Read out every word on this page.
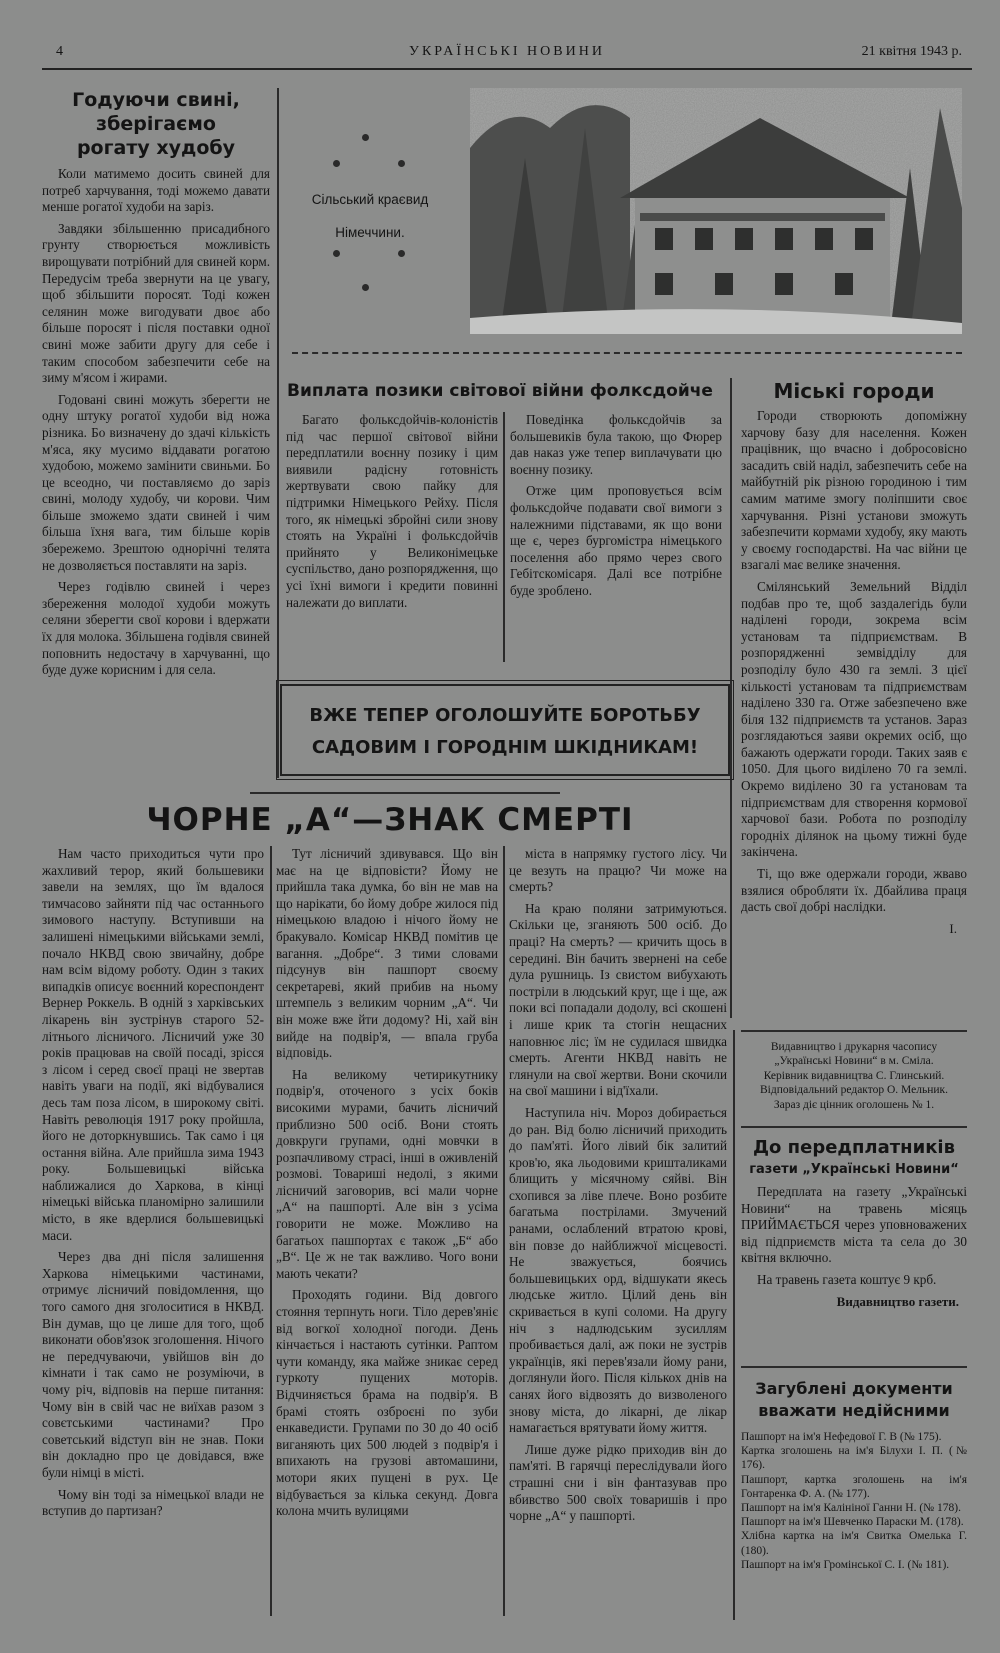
4	УКРАЇНСЬКІ НОВИНИ	21 квітня 1943 р.
Годуючи свині, зберігаємо
рогату худобу

Коли матимемо досить свиней для потреб харчування, тоді можемо давати менше рогатої худоби на заріз.

Завдяки збільшенню присадибного грунту створюється можливість вирощувати потрібний для свиней корм. Передусім треба звернути на це увагу, щоб збільшити поросят. Тоді кожен селянин може вигодувати двоє або більше поросят і після поставки одної свині може забити другу для себе і таким способом забезпечити себе на зиму м'ясом і жирами.

Годовані свині можуть зберегти не одну штуку рогатої худоби від ножа різника. Бо визначену до здачі кількість м'яса, яку мусимо віддавати рогатою худобою, можемо замінити свиньми. Бо це всеодно, чи поставляємо до заріз свині, молоду худобу, чи корови. Чим більше зможемо здати свиней і чим більша їхня вага, тим більше корів збережемо. Зрештою однорічні телята не дозволяється поставляти на заріз.

Через годівлю свиней і через збереження молодої худоби можуть селяни зберегти свої корови і вдержати їх для молока. Збільшена годівля свиней поповнить недостачу в харчуванні, що буде дуже корисним і для села.

Сільський краєвид
Німеччини.
Виплата позики світової війни фолксдойче

Багато фольксдойчів-колоністів під час першої світової війни передплатили воєнну позику і цим виявили радісну готовність жертвувати свою пайку для підтримки Німецького Рейху. Після того, як німецькі збройні сили знову стоять на Україні і фольксдойчів прийнято у Великонімецьке суспільство, дано розпорядження, що усі їхні вимоги і кредити повинні належати до виплати.

Поведінка фольксдойчів за большевиків була такою, що Фюрер дав наказ уже тепер виплачувати цю воєнну позику.

Отже цим проповується всім фольксдойче подавати свої вимоги з належними підставами, як що вони ще є, через бургомістра німецького поселення або прямо через свого Гебітскомісаря. Далі все потрібне буде зроблено.

ВЖЕ ТЕПЕР ОГОЛОШУЙТЕ БОРОТЬБУ
САДОВИМ І ГОРОДНІМ ШКІДНИКАМ!
Міські городи

Городи створюють допоміжну харчову базу для населення. Кожен працівник, що вчасно і добросовісно засадить свій наділ, забезпечить себе на майбутній рік різною городиною і тим самим матиме змогу поліпшити своє харчування. Різні установи зможуть забезпечити кормами худобу, яку мають у своєму господарстві. На час війни це взагалі має велике значення.

Смілянський Земельний Відділ подбав про те, щоб заздалегідь були наділені городи, зокрема всім установам та підприємствам. В розпорядженні земвідділу для розподілу було 430 га землі. З цієї кількості установам та підприємствам наділено 330 га. Отже забезпечено вже біля 132 підприємств та установ. Зараз розглядаються заяви окремих осіб, що бажають одержати городи. Таких заяв є 1050. Для цього виділено 70 га землі. Окремо виділено 30 га установам та підприємствам для створення кормової харчової бази. Робота по розподілу городніх ділянок на цьому тижні буде закінчена.

Ті, що вже одержали городи, жваво взялися обробляти їх. Дбайлива праця дасть свої добрі наслідки.

І.
Видавництво і друкарня часопису „Українські Новини“ в м. Сміла.
Керівник видавництва С. Глинський.
Відповідальний редактор О. Мельник.
Зараз діє цінник оголошень № 1.
До передплатників
газети „Українські Новини“

Передплата на газету „Українські Новини“ на травень місяць ПРИЙМАЄТЬСЯ через уповноважених від підприємств міста та села до 30 квітня включно.

На травень газета коштує 9 крб.

Видавництво газети.
Загублені документи
вважати недійсними
Пашпорт на ім'я Нефедової Г. В (№ 175).
Картка зголошень на ім'я Білухи І. П. (№ 176).
Пашпорт, картка зголошень на ім'я Гонтаренка Ф. А. (№ 177).
Пашпорт на ім'я Калініної Ганни Н. (№ 178).
Пашпорт на ім'я Шевченко Параски М. (178).
Хлібна картка на ім'я Свитка Омелька Г. (180).
Пашпорт на ім'я Громінської С. І. (№ 181).
ЧОРНЕ „А“—ЗНАК СМЕРТІ

Нам часто приходиться чути про жахливий терор, який большевики завели на землях, що їм вдалося тимчасово зайняти під час останнього зимового наступу. Вступивши на залишені німецькими військами землі, почало НКВД свою звичайну, добре нам всім відому роботу. Один з таких випадків описує воєнний кореспондент Вернер Роккель. В одній з харківських лікарень він зустрінув старого 52-літнього лісничого. Лісничий уже 30 років працював на своїй посаді, зрісся з лісом і серед своєї праці не звертав навіть уваги на події, які відбувалися десь там поза лісом, в широкому світі. Навіть революція 1917 року пройшла, його не доторкнувшись. Так само і ця остання війна. Але прийшла зима 1943 року. Большевицькі війська наближалися до Харкова, в кінці німецькі війська планомірно залишили місто, в яке вдерлися большевицькі маси.

Через два дні після залишення Харкова німецькими частинами, отримує лісничий повідомлення, що того самого дня зголоситися в НКВД. Він думав, що це лише для того, щоб виконати обов'язок зголошення. Нічого не передчуваючи, увійшов він до кімнати і так само не розуміючи, в чому річ, відповів на перше питання: Чому він в свій час не виїхав разом з совєтськими частинами? Про советський відступ він не знав. Поки він докладно про це довідався, вже були німці в місті.

Чому він тоді за німецької влади не вступив до партизан?

Тут лісничий здивувався. Що він має на це відповісти? Йому не прийшла така думка, бо він не мав на що нарікати, бо йому добре жилося під німецькою владою і нічого йому не бракувало. Комісар НКВД помітив це вагання. „Добре“. З тими словами підсунув він пашпорт своєму секретареві, який прибив на ньому штемпель з великим чорним „А“. Чи він може вже йти додому? Ні, хай він вийде на подвір'я, — впала груба відповідь.

На великому четирикутнику подвір'я, оточеного з усіх боків високими мурами, бачить лісничий приблизно 500 осіб. Вони стоять довкруги групами, одні мовчки в розпачливому страсі, інші в оживленій розмові. Товариші недолі, з якими лісничий заговорив, всі мали чорне „А“ на пашпорті. Але він з усіма говорити не може. Можливо на багатьох пашпортах є також „Б“ або „В“. Це ж не так важливо. Чого вони мають чекати?

Проходять години. Від довгого стояння терпнуть ноги. Тіло дерев'яніє від вогкої холодної погоди. День кінчається і настають сутінки. Раптом чути команду, яка майже зникає серед гуркоту пущених моторів. Відчиняється брама на подвір'я. В брамі стоять озброєні по зуби енкаведисти. Групами по 30 до 40 осіб виганяють цих 500 людей з подвір'я і впихають на грузові автомашини, мотори яких пущені в рух. Це відбувається за кілька секунд. Довга колона мчить вулицями

міста в напрямку густого лісу. Чи це везуть на працю? Чи може на смерть?

На краю поляни затримуються. Скільки це, зганяють 500 осіб. До праці? На смерть? — кричить щось в середині. Він бачить звернені на себе дула рушниць. Із свистом вибухають постріли в людський круг, ще і ще, аж поки всі попадали додолу, всі скошені і лише крик та стогін нещасних наповнює ліс; їм не судилася швидка смерть. Агенти НКВД навіть не глянули на свої жертви. Вони скочили на свої машини і від'їхали.

Наступила ніч. Мороз добирається до ран. Від болю лісничий приходить до пам'яті. Його лівий бік залитий кров'ю, яка льодовими кришталиками блищить у місячному сяйві. Він схопився за ліве плече. Воно розбите багатьма пострілами. Змучений ранами, ослаблений втратою крові, він повзе до найближчої місцевості. Не зважується, боячись большевицьких орд, відшукати якесь людське житло. Цілий день він скривається в купі соломи. На другу ніч з надлюдським зусиллям пробивається далі, аж поки не зустрів українців, які перев'язали йому рани, доглянули його. Після кількох днів на санях його відвозять до визволеного знову міста, до лікарні, де лікар намагається врятувати йому життя.

Лише дуже рідко приходив він до пам'яті. В гарячці переслідували його страшні сни і він фантазував про вбивство 500 своїх товаришів і про чорне „А“ у пашпорті.
